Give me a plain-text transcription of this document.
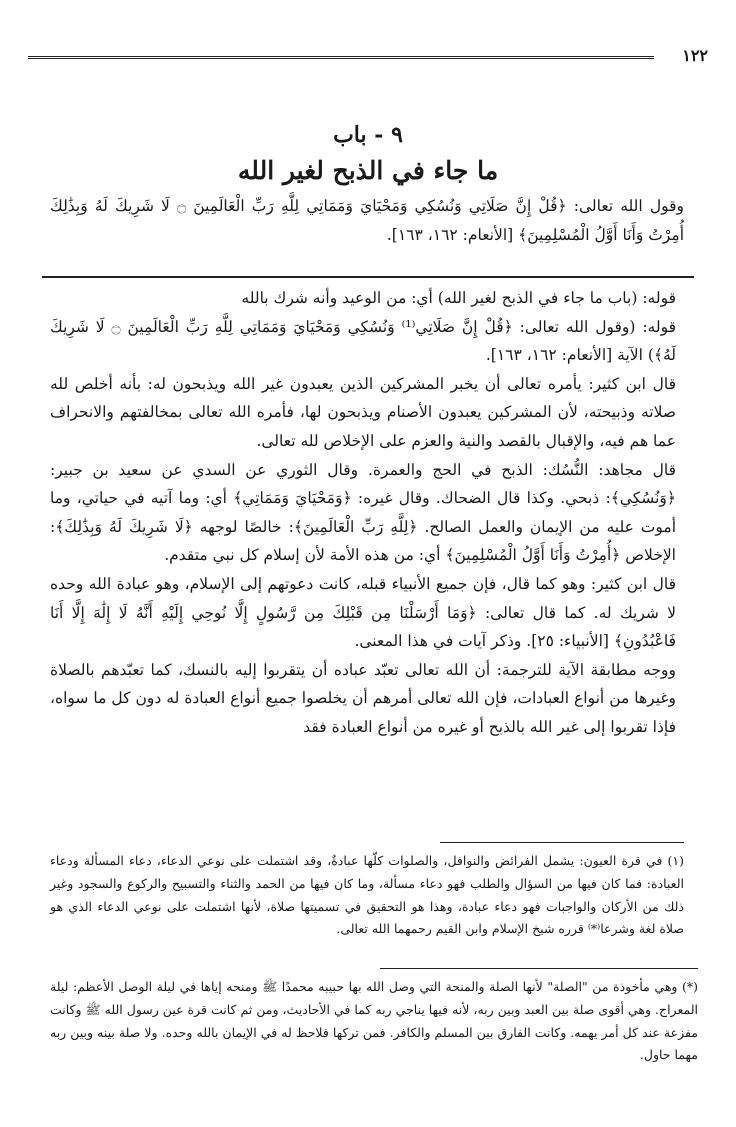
١٢٢
٩ - باب
ما جاء في الذبح لغير الله
وقول الله تعالى: ﴿قُلْ إِنَّ صَلَاتِي وَنُسُكِي وَمَحْيَايَ وَمَمَاتِي لِلَّهِ رَبِّ الْعَالَمِينَ ۝ لَا شَرِيكَ لَهُ وَبِذَٰلِكَ أُمِرْتُ وَأَنَا أَوَّلُ الْمُسْلِمِينَ﴾ [الأنعام: ١٦٢، ١٦٣].

قوله: (باب ما جاء في الذبح لغير الله) أي: من الوعيد وأنه شرك بالله

قوله: (وقول الله تعالى: ﴿قُلْ إِنَّ صَلَاتِي⁽¹⁾ وَنُسُكِي وَمَحْيَايَ وَمَمَاتِي لِلَّهِ رَبِّ الْعَالَمِينَ ۝ لَا شَرِيكَ لَهُ﴾) الآية [الأنعام: ١٦٢، ١٦٣].

قال ابن كثير: يأمره تعالى أن يخبر المشركين الذين يعبدون غير الله ويذبحون له: بأنه أخلص لله صلاته وذبيحته، لأن المشركين يعبدون الأصنام ويذبحون لها، فأمره الله تعالى بمخالفتهم والانحراف عما هم فيه، والإقبال بالقصد والنية والعزم على الإخلاص لله تعالى.

قال مجاهد: النُّسُك: الذبح في الحج والعمرة. وقال الثوري عن السدي عن سعيد بن جبير: ﴿وَنُسُكِي﴾: ذبحي. وكذا قال الضحاك. وقال غيره: ﴿وَمَحْيَايَ وَمَمَاتِي﴾ أي: وما آتيه في حياتي، وما أموت عليه من الإيمان والعمل الصالح. ﴿لِلَّهِ رَبِّ الْعَالَمِينَ﴾: خالصًا لوجهه ﴿لَا شَرِيكَ لَهُ وَبِذَٰلِكَ﴾: الإخلاص ﴿أُمِرْتُ وَأَنَا أَوَّلُ الْمُسْلِمِينَ﴾ أي: من هذه الأمة لأن إسلام كل نبي متقدم.

قال ابن كثير: وهو كما قال، فإن جميع الأنبياء قبله، كانت دعوتهم إلى الإسلام، وهو عبادة الله وحده لا شريك له. كما قال تعالى: ﴿وَمَا أَرْسَلْنَا مِن قَبْلِكَ مِن رَّسُولٍ إِلَّا نُوحِي إِلَيْهِ أَنَّهُ لَا إِلَٰهَ إِلَّا أَنَا فَاعْبُدُونِ﴾ [الأنبياء: ٢٥]. وذكر آيات في هذا المعنى.

ووجه مطابقة الآية للترجمة: أن الله تعالى تعبّد عباده أن يتقربوا إليه بالنسك، كما تعبّدهم بالصلاة وغيرها من أنواع العبادات، فإن الله تعالى أمرهم أن يخلصوا جميع أنواع العبادة له دون كل ما سواه، فإذا تقربوا إلى غير الله بالذبح أو غيره من أنواع العبادة فقد

(١) في قرة العيون: يشمل الفرائض والنوافل، والصلوات كلّها عبادةٌ، وقد اشتملت على نوعي الدعاء، دعاء المسألة ودعاء العبادة: فما كان فيها من السؤال والطلب فهو دعاء مسألة، وما كان فيها من الحمد والثناء والتسبيح والركوع والسجود وغير ذلك من الأركان والواجبات فهو دعاء عبادة، وهذا هو التحقيق في تسميتها صلاة، لأنها اشتملت على نوعي الدعاء الذي هو صلاة لغة وشرعا⁽*⁾ قرره شيخ الإسلام وابن القيم رحمهما الله تعالى.
(*) وهي مأخوذة من "الصلة" لأنها الصلة والمنحة التي وصل الله بها حبيبه محمدًا ﷺ ومنحه إياها في ليلة الوصل الأعظم: ليلة المعراج. وهي أقوى صلة بين العبد وبين ربه، لأنه فيها يناجي ربه كما في الأحاديث، ومن ثم كانت قرة عين رسول الله ﷺ وكانت مفزعة عند كل أمر يهمه. وكانت الفارق بين المسلم والكافر. فمن تركها فلاحظ له في الإيمان بالله وحده. ولا صلة بينه وبين ربه مهما حاول.
